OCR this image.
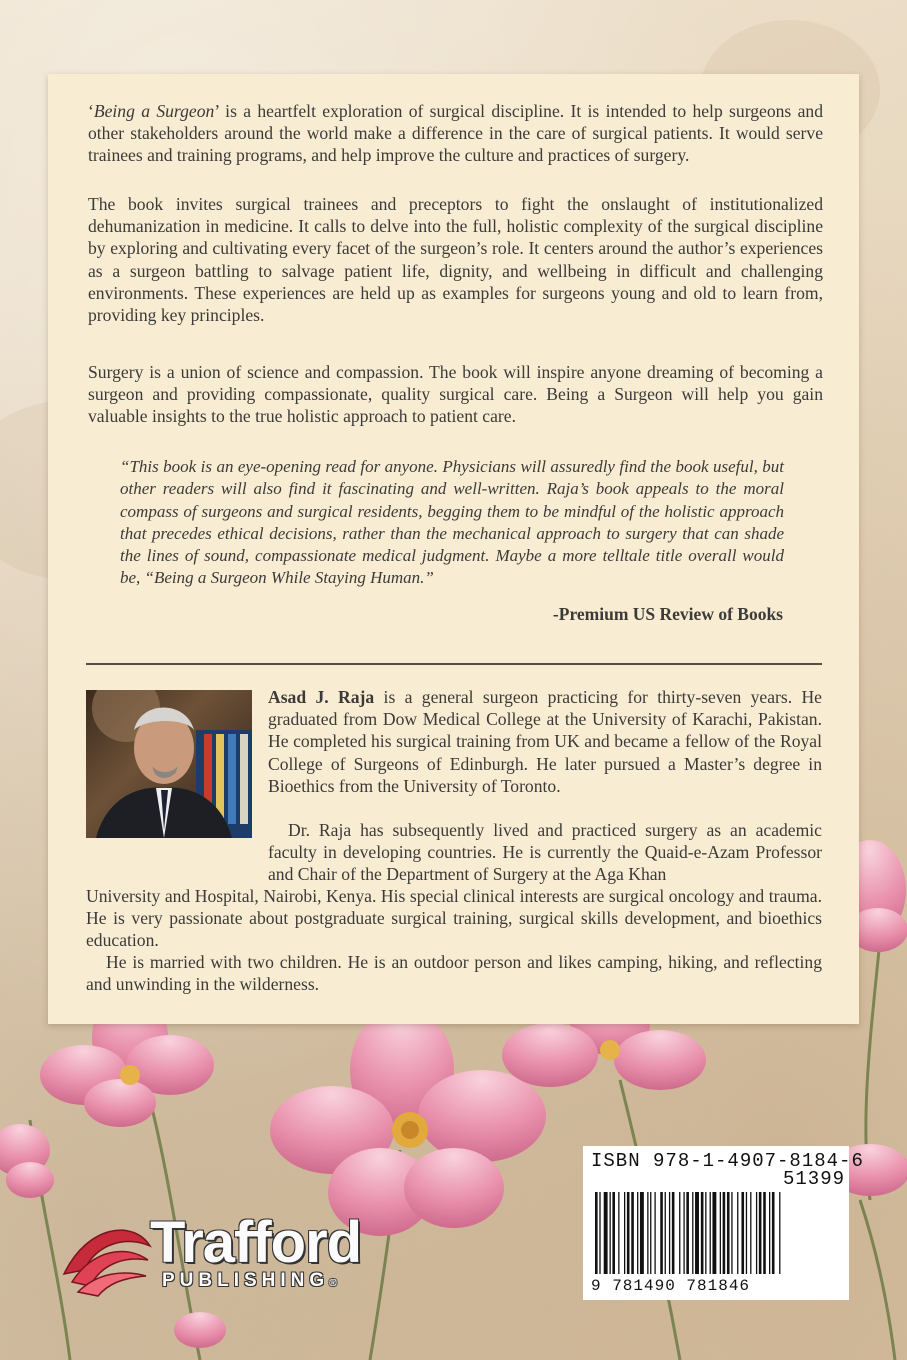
‘Being a Surgeon’ is a heartfelt exploration of surgical discipline. It is intended to help surgeons and other stakeholders around the world make a difference in the care of surgical patients. It would serve trainees and training programs, and help improve the culture and practices of surgery.

The book invites surgical trainees and preceptors to fight the onslaught of institutionalized dehumanization in medicine. It calls to delve into the full, holistic complexity of the surgical discipline by exploring and cultivating every facet of the surgeon’s role. It centers around the author’s experiences as a surgeon battling to salvage patient life, dignity, and wellbeing in difficult and challenging environments. These experiences are held up as examples for surgeons young and old to learn from, providing key principles.

Surgery is a union of science and compassion. The book will inspire anyone dreaming of becoming a surgeon and providing compassionate, quality surgical care. Being a Surgeon will help you gain valuable insights to the true holistic approach to patient care.

“This book is an eye-opening read for anyone. Physicians will assuredly find the book useful, but other readers will also find it fascinating and well-written. Raja’s book appeals to the moral compass of surgeons and surgical residents, begging them to be mindful of the holistic approach that precedes ethical decisions, rather than the mechanical approach to surgery that can shade the lines of sound, compassionate medical judgment. Maybe a more telltale title overall would be, “Being a Surgeon While Staying Human.”

-Premium US Review of Books

Asad J. Raja is a general surgeon practicing for thirty-seven years. He graduated from Dow Medical College at the University of Karachi, Pakistan. He completed his surgical training from UK and became a fellow of the Royal College of Surgeons of Edinburgh. He later pursued a Master’s degree in Bioethics from the University of Toronto.

Dr. Raja has subsequently lived and practiced surgery as an academic faculty in developing countries. He is currently the Quaid-e-Azam Professor and Chair of the Department of Surgery at the Aga Khan

University and Hospital, Nairobi, Kenya. His special clinical interests are surgical oncology and trauma. He is very passionate about postgraduate surgical training, surgical skills development, and bioethics education.

He is married with two children. He is an outdoor person and likes camping, hiking, and reflecting and unwinding in the wilderness.

ISBN 978-1-4907-8184-6
51399
9 781490 781846
Trafford
PUBLISHING®
